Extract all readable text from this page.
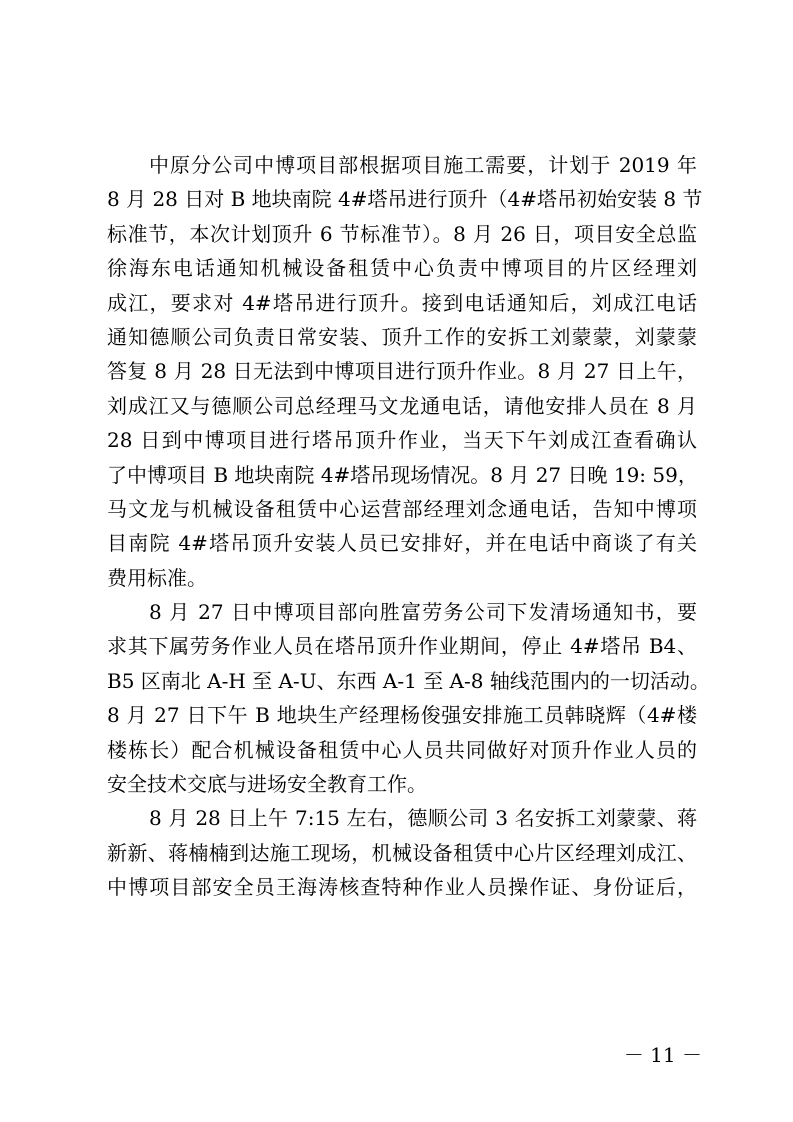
中原分公司中博项目部根据项目施工需要，计划于 2019 年
8 月 28 日对 B 地块南院 4#塔吊进行顶升（4#塔吊初始安装 8 节
标准节，本次计划顶升 6 节标准节）。8 月 26 日，项目安全总监
徐海东电话通知机械设备租赁中心负责中博项目的片区经理刘
成江，要求对 4#塔吊进行顶升。接到电话通知后，刘成江电话
通知德顺公司负责日常安装、顶升工作的安拆工刘蒙蒙，刘蒙蒙
答复 8 月 28 日无法到中博项目进行顶升作业。8 月 27 日上午，
刘成江又与德顺公司总经理马文龙通电话，请他安排人员在 8 月
28 日到中博项目进行塔吊顶升作业，当天下午刘成江查看确认
了中博项目 B 地块南院 4#塔吊现场情况。8 月 27 日晚 19: 59，
马文龙与机械设备租赁中心运营部经理刘念通电话，告知中博项
目南院 4#塔吊顶升安装人员已安排好，并在电话中商谈了有关
费用标准。
8 月 27 日中博项目部向胜富劳务公司下发清场通知书，要
求其下属劳务作业人员在塔吊顶升作业期间，停止 4#塔吊 B4、
B5 区南北 A-H 至 A-U、东西 A-1 至 A-8 轴线范围内的一切活动。
8 月 27 日下午 B 地块生产经理杨俊强安排施工员韩晓辉（4#楼
楼栋长）配合机械设备租赁中心人员共同做好对顶升作业人员的
安全技术交底与进场安全教育工作。
8 月 28 日上午 7:15 左右，德顺公司 3 名安拆工刘蒙蒙、蒋
新新、蒋楠楠到达施工现场，机械设备租赁中心片区经理刘成江、
中博项目部安全员王海涛核查特种作业人员操作证、身份证后，
－ 11 －
